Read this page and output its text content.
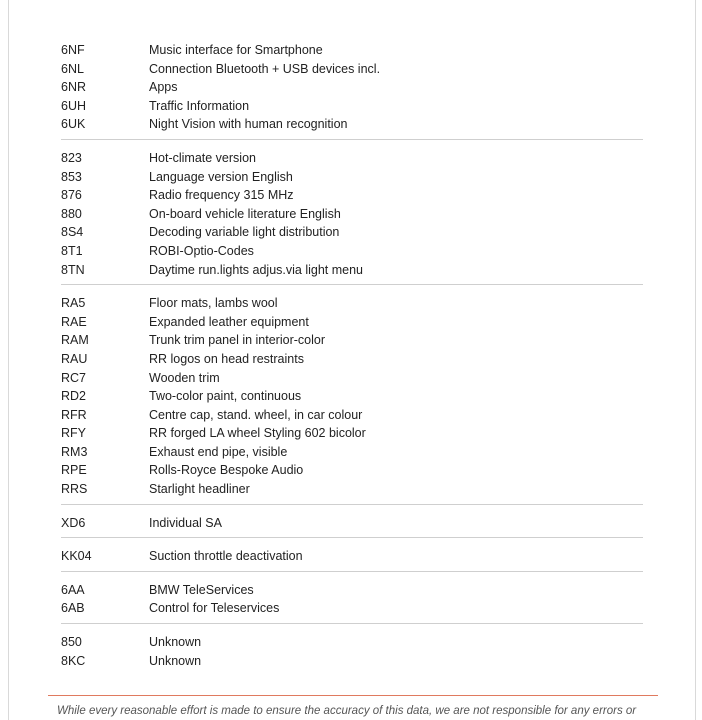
6NF	Music interface for Smartphone
6NL	Connection Bluetooth + USB devices incl.
6NR	Apps
6UH	Traffic Information
6UK	Night Vision with human recognition
823	Hot-climate version
853	Language version English
876	Radio frequency 315 MHz
880	On-board vehicle literature English
8S4	Decoding variable light distribution
8T1	ROBI-Optio-Codes
8TN	Daytime run.lights adjus.via light menu
RA5	Floor mats, lambs wool
RAE	Expanded leather equipment
RAM	Trunk trim panel in interior-color
RAU	RR logos on head restraints
RC7	Wooden trim
RD2	Two-color paint, continuous
RFR	Centre cap, stand. wheel, in car colour
RFY	RR forged LA wheel Styling 602 bicolor
RM3	Exhaust end pipe, visible
RPE	Rolls-Royce Bespoke Audio
RRS	Starlight headliner
XD6	Individual SA
KK04	Suction throttle deactivation
6AA	BMW TeleServices
6AB	Control for Teleservices
850	Unknown
8KC	Unknown
While every reasonable effort is made to ensure the accuracy of this data, we are not responsible for any errors or
